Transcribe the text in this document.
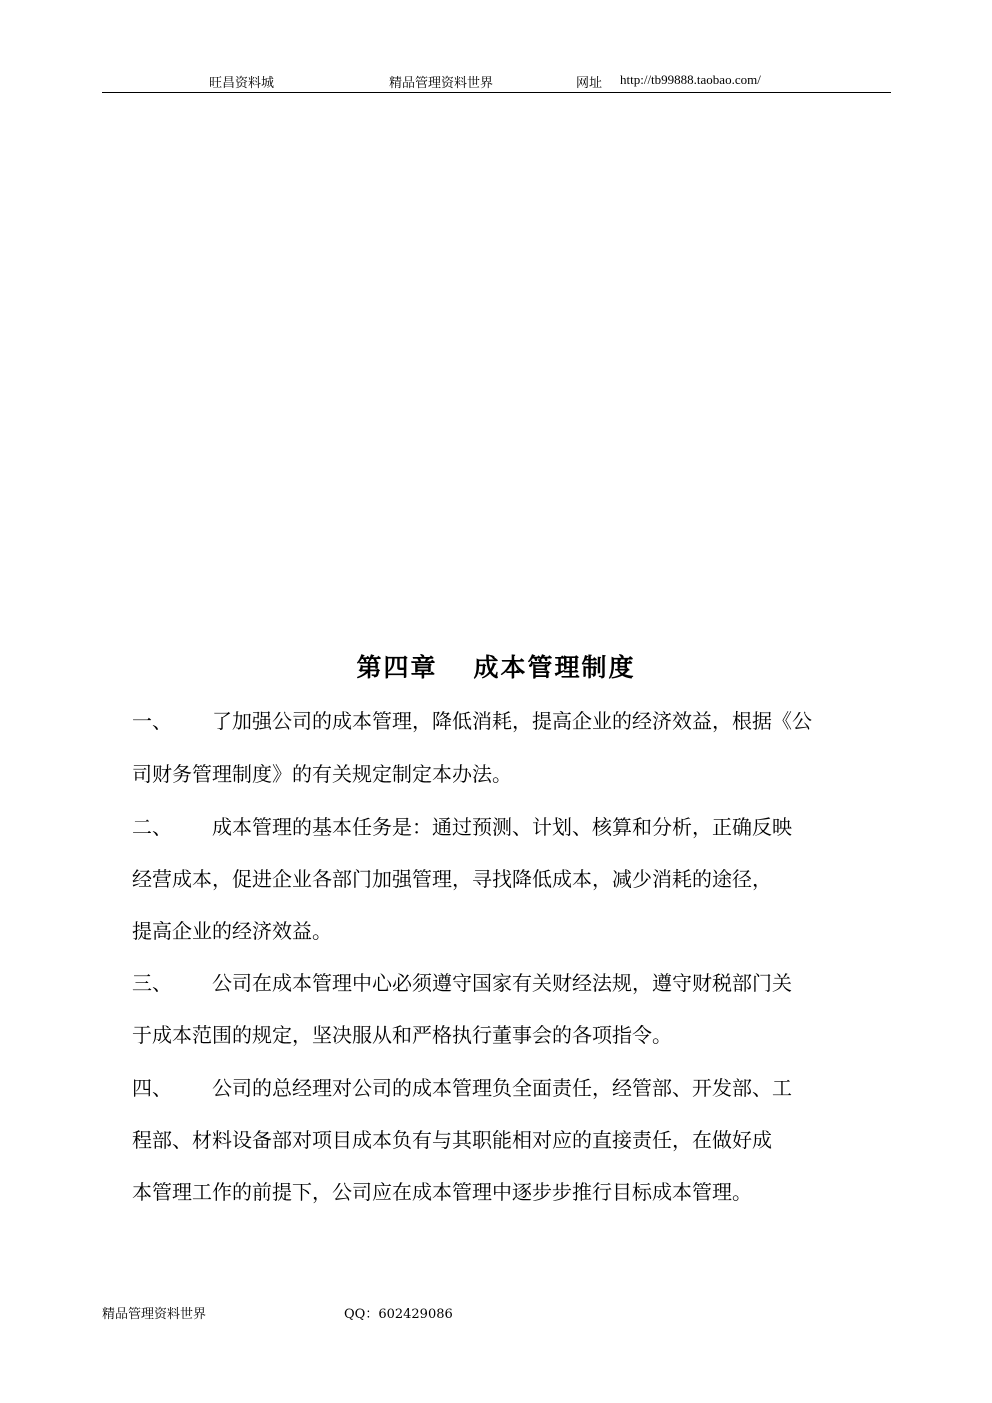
旺昌资料城	精品管理资料世界	网址 http://tb99888.taobao.com/
第四章 成本管理制度
一、 了加强公司的成本管理，降低消耗，提高企业的经济效益，根据《公
司财务管理制度》的有关规定制定本办法。
二、 成本管理的基本任务是：通过预测、计划、核算和分析，正确反映
经营成本，促进企业各部门加强管理，寻找降低成本，减少消耗的途径，
提高企业的经济效益。
三、 公司在成本管理中心必须遵守国家有关财经法规，遵守财税部门关
于成本范围的规定，坚决服从和严格执行董事会的各项指令。
四、 公司的总经理对公司的成本管理负全面责任，经管部、开发部、工
程部、材料设备部对项目成本负有与其职能相对应的直接责任，在做好成
本管理工作的前提下，公司应在成本管理中逐步步推行目标成本管理。
精品管理资料世界	QQ：602429086
